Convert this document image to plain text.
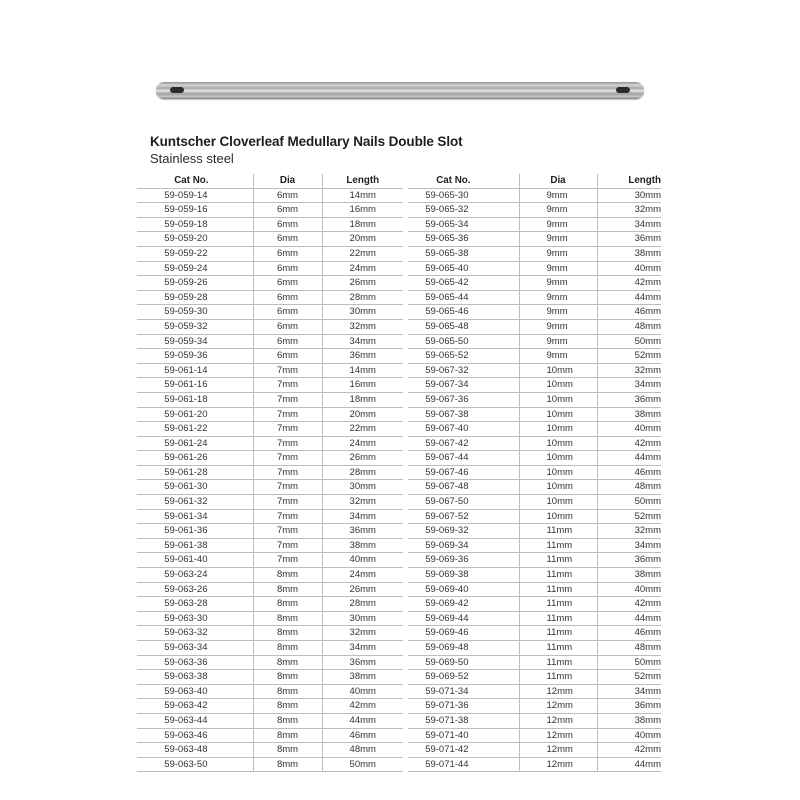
Kuntscher Cloverleaf Medullary Nails Double Slot
Stainless steel
Cat No.	Dia	Length
59-059-14	6mm	14mm
59-059-16	6mm	16mm
59-059-18	6mm	18mm
59-059-20	6mm	20mm
59-059-22	6mm	22mm
59-059-24	6mm	24mm
59-059-26	6mm	26mm
59-059-28	6mm	28mm
59-059-30	6mm	30mm
59-059-32	6mm	32mm
59-059-34	6mm	34mm
59-059-36	6mm	36mm
59-061-14	7mm	14mm
59-061-16	7mm	16mm
59-061-18	7mm	18mm
59-061-20	7mm	20mm
59-061-22	7mm	22mm
59-061-24	7mm	24mm
59-061-26	7mm	26mm
59-061-28	7mm	28mm
59-061-30	7mm	30mm
59-061-32	7mm	32mm
59-061-34	7mm	34mm
59-061-36	7mm	36mm
59-061-38	7mm	38mm
59-061-40	7mm	40mm
59-063-24	8mm	24mm
59-063-26	8mm	26mm
59-063-28	8mm	28mm
59-063-30	8mm	30mm
59-063-32	8mm	32mm
59-063-34	8mm	34mm
59-063-36	8mm	36mm
59-063-38	8mm	38mm
59-063-40	8mm	40mm
59-063-42	8mm	42mm
59-063-44	8mm	44mm
59-063-46	8mm	46mm
59-063-48	8mm	48mm
59-063-50	8mm	50mm
Cat No.	Dia	Length
59-065-30	9mm	30mm
59-065-32	9mm	32mm
59-065-34	9mm	34mm
59-065-36	9mm	36mm
59-065-38	9mm	38mm
59-065-40	9mm	40mm
59-065-42	9mm	42mm
59-065-44	9mm	44mm
59-065-46	9mm	46mm
59-065-48	9mm	48mm
59-065-50	9mm	50mm
59-065-52	9mm	52mm
59-067-32	10mm	32mm
59-067-34	10mm	34mm
59-067-36	10mm	36mm
59-067-38	10mm	38mm
59-067-40	10mm	40mm
59-067-42	10mm	42mm
59-067-44	10mm	44mm
59-067-46	10mm	46mm
59-067-48	10mm	48mm
59-067-50	10mm	50mm
59-067-52	10mm	52mm
59-069-32	11mm	32mm
59-069-34	11mm	34mm
59-069-36	11mm	36mm
59-069-38	11mm	38mm
59-069-40	11mm	40mm
59-069-42	11mm	42mm
59-069-44	11mm	44mm
59-069-46	11mm	46mm
59-069-48	11mm	48mm
59-069-50	11mm	50mm
59-069-52	11mm	52mm
59-071-34	12mm	34mm
59-071-36	12mm	36mm
59-071-38	12mm	38mm
59-071-40	12mm	40mm
59-071-42	12mm	42mm
59-071-44	12mm	44mm
